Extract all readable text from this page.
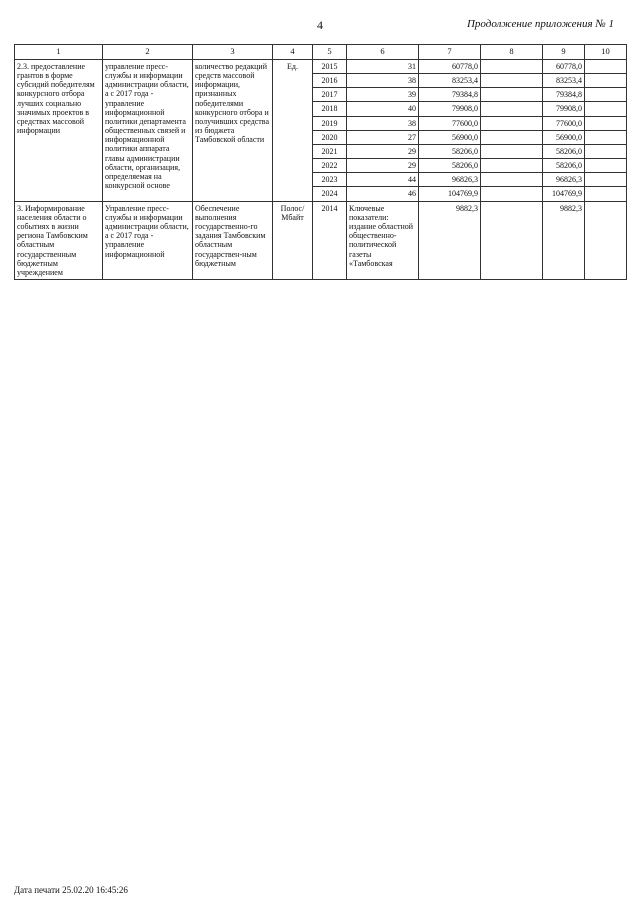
4	Продолжение приложения № 1
1	2	3	4	5	6	7	8	9	10
2.3. предоставление грантов в форме субсидий победителям конкурсного отбора лучших социально значимых проектов в средствах массовой информации	управление пресс-службы и информации администрации области, а с 2017 года - управление информационной политики департамента общественных связей и информационной политики аппарата главы администрации области, организация, определяемая на конкурсной основе	количество редакций средств массовой информации, признанных победителями конкурсного отбора и получивших средства из бюджета Тамбовской области	Ед.	2015	31	60778,0		60778,0	
				2016	38	83253,4		83253,4	
				2017	39	79384,8		79384,8	
				2018	40	79908,0		79908,0	
				2019	38	77600,0		77600,0	
				2020	27	56900,0		56900,0	
				2021	29	58206,0		58206,0	
				2022	29	58206,0		58206,0	
				2023	44	96826,3		96826,3	
				2024	46	104769,9		104769,9	
3. Информирование населения области о событиях в жизни региона Тамбовским областным государственным бюджетным учреждением	Управление пресс-службы и информации администрации области, а с 2017 года - управление информационной	Обеспечение выполнения государственно-го задания Тамбовским областным государствен-ным бюджетным	Полос/ Мбайт	2014	Ключевые показатели: издание областной общественно-политической газеты «Тамбовская	9882,3		9882,3	
Дата печати 25.02.20 16:45:26
